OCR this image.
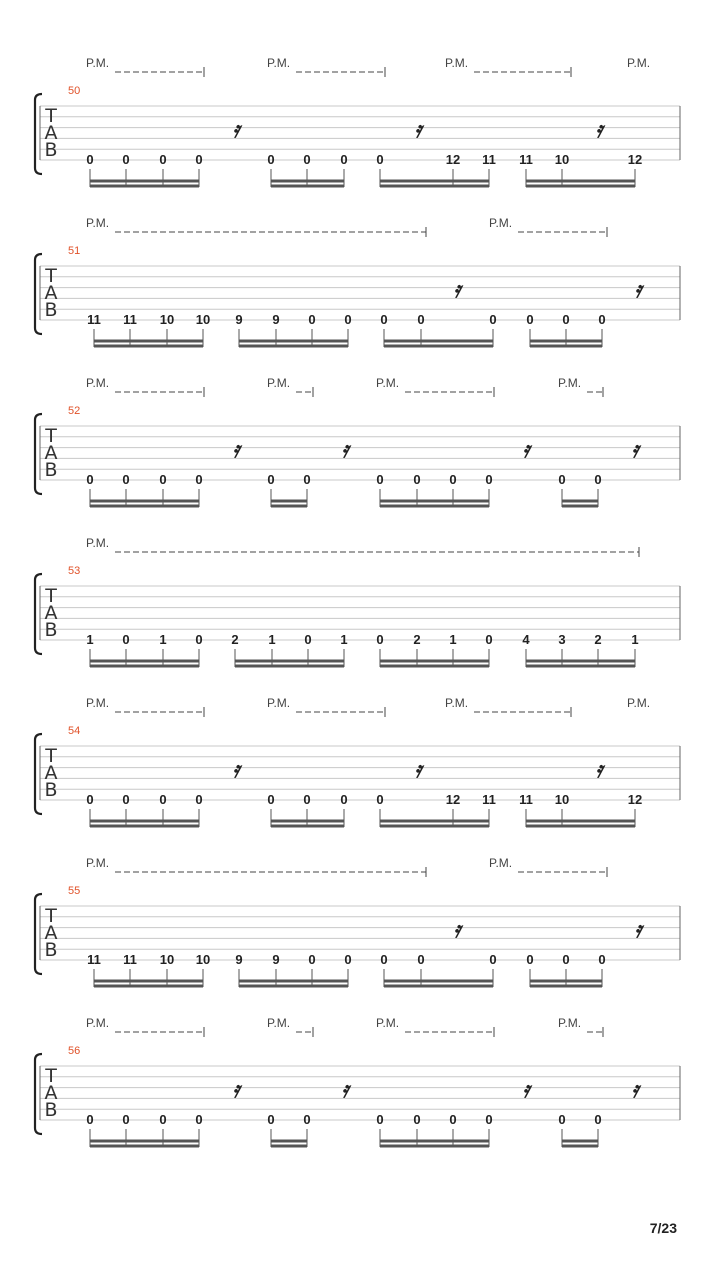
T
A
B
50
P.M.	P.M.	P.M.	P.M.
0 0 0 0	0 0 0 0	12 11 11 10	12
𝄿	𝄿	𝄿
T
A
B
51
P.M.	P.M.
11 11 10 10 9 9 0 0 0 0	0 0 0 0
𝄿	𝄿
T
A
B
52
P.M.	P.M.	P.M.	P.M.
0 0 0 0	0 0	0 0 0 0	0 0
𝄿	𝄿	𝄿	𝄿
T
A
B
53
P.M.
1 0 1 0 2 1 0 1 0 2 1 0 4 3 2 1
T
A
B
54
P.M.	P.M.	P.M.	P.M.
0 0 0 0	0 0 0 0	12 11 11 10	12
𝄿	𝄿	𝄿
T
A
B
55
P.M.	P.M.
11 11 10 10 9 9 0 0 0 0	0 0 0 0
𝄿	𝄿
T
A
B
56
P.M.	P.M.	P.M.	P.M.
0 0 0 0	0 0	0 0 0 0	0 0
𝄿	𝄿	𝄿	𝄿
7/23
